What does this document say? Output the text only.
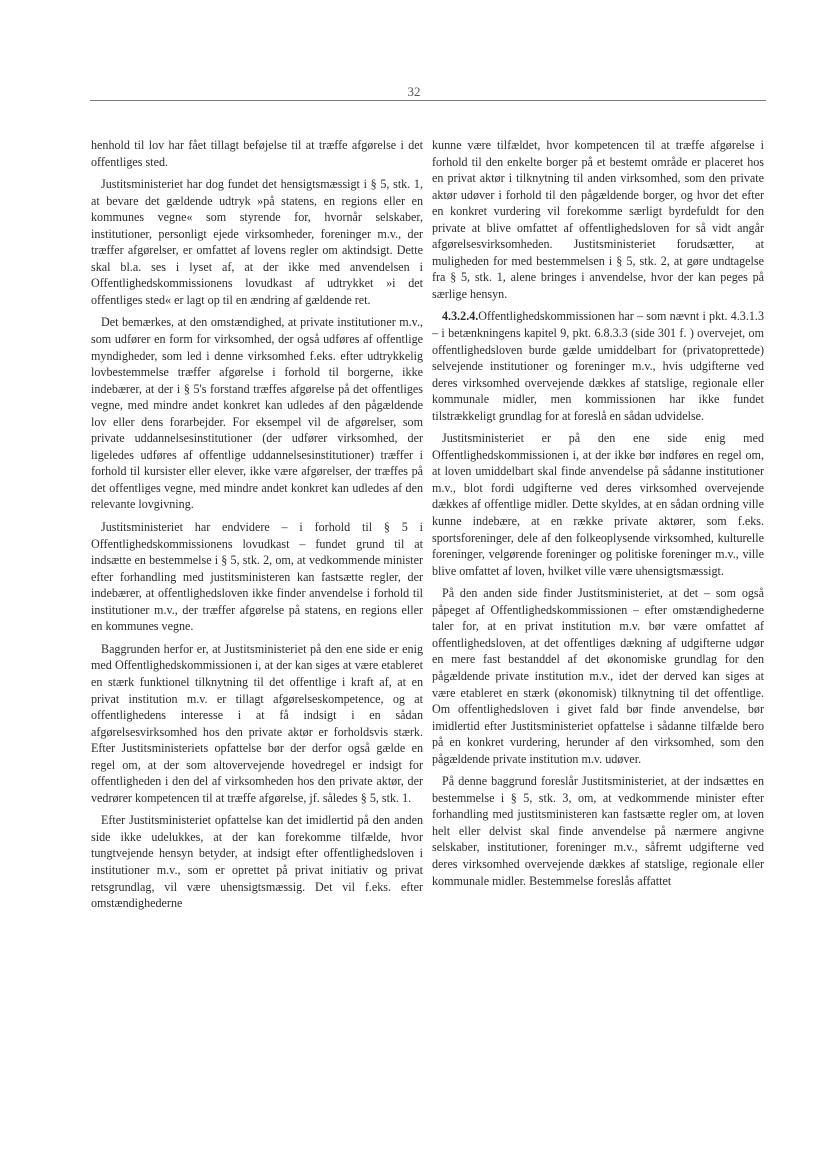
32

henhold til lov har fået tillagt beføjelse til at træffe afgørelse i det offentliges sted.

Justitsministeriet har dog fundet det hensigtsmæssigt i § 5, stk. 1, at bevare det gældende udtryk »på statens, en regions eller en kommunes vegne« som styrende for, hvornår selskaber, institutioner, personligt ejede virksomheder, foreninger m.v., der træffer afgørelser, er omfattet af lovens regler om aktindsigt. Dette skal bl.a. ses i lyset af, at der ikke med anvendelsen i Offentlighedskommissionens lovudkast af udtrykket »i det offentliges sted« er lagt op til en ændring af gældende ret.

Det bemærkes, at den omstændighed, at private institutioner m.v., som udfører en form for virksomhed, der også udføres af offentlige myndigheder, som led i denne virksomhed f.eks. efter udtrykkelig lovbestemmelse træffer afgørelse i forhold til borgerne, ikke indebærer, at der i § 5's forstand træffes afgørelse på det offentliges vegne, med mindre andet konkret kan udledes af den pågældende lov eller dens forarbejder. For eksempel vil de afgørelser, som private uddannelsesinstitutioner (der udfører virksomhed, der ligeledes udføres af offentlige uddannelsesinstitutioner) træffer i forhold til kursister eller elever, ikke være afgørelser, der træffes på det offentliges vegne, med mindre andet konkret kan udledes af den relevante lovgivning.

Justitsministeriet har endvidere – i forhold til § 5 i Offentlighedskommissionens lovudkast – fundet grund til at indsætte en bestemmelse i § 5, stk. 2, om, at vedkommende minister efter forhandling med justitsministeren kan fastsætte regler, der indebærer, at offentlighedsloven ikke finder anvendelse i forhold til institutioner m.v., der træffer afgørelse på statens, en regions eller en kommunes vegne.

Baggrunden herfor er, at Justitsministeriet på den ene side er enig med Offentlighedskommissionen i, at der kan siges at være etableret en stærk funktionel tilknytning til det offentlige i kraft af, at en privat institution m.v. er tillagt afgørelseskompetence, og at offentlighedens interesse i at få indsigt i en sådan afgørelsesvirksomhed hos den private aktør er forholdsvis stærk. Efter Justitsministeriets opfattelse bør der derfor også gælde en regel om, at der som altovervejende hovedregel er indsigt for offentligheden i den del af virksomheden hos den private aktør, der vedrører kompetencen til at træffe afgørelse, jf. således § 5, stk. 1.

Efter Justitsministeriet opfattelse kan det imidlertid på den anden side ikke udelukkes, at der kan forekomme tilfælde, hvor tungtvejende hensyn betyder, at indsigt efter offentlighedsloven i institutioner m.v., som er oprettet på privat initiativ og privat retsgrundlag, vil være uhensigtsmæssig. Det vil f.eks. efter omstændighederne

kunne være tilfældet, hvor kompetencen til at træffe afgørelse i forhold til den enkelte borger på et bestemt område er placeret hos en privat aktør i tilknytning til anden virksomhed, som den private aktør udøver i forhold til den pågældende borger, og hvor det efter en konkret vurdering vil forekomme særligt byrdefuldt for den private at blive omfattet af offentlighedsloven for så vidt angår afgørelsesvirksomheden. Justitsministeriet forudsætter, at muligheden for med bestemmelsen i § 5, stk. 2, at gøre undtagelse fra § 5, stk. 1, alene bringes i anvendelse, hvor der kan peges på særlige hensyn.

4.3.2.4.Offentlighedskommissionen har – som nævnt i pkt. 4.3.1.3 – i betænkningens kapitel 9, pkt. 6.8.3.3 (side 301 f. ) overvejet, om offentlighedsloven burde gælde umiddelbart for (privatoprettede) selvejende institutioner og foreninger m.v., hvis udgifterne ved deres virksomhed overvejende dækkes af statslige, regionale eller kommunale midler, men kommissionen har ikke fundet tilstrækkeligt grundlag for at foreslå en sådan udvidelse.

Justitsministeriet er på den ene side enig med Offentlighedskommissionen i, at der ikke bør indføres en regel om, at loven umiddelbart skal finde anvendelse på sådanne institutioner m.v., blot fordi udgifterne ved deres virksomhed overvejende dækkes af offentlige midler. Dette skyldes, at en sådan ordning ville kunne indebære, at en række private aktører, som f.eks. sportsforeninger, dele af den folkeoplysende virksomhed, kulturelle foreninger, velgørende foreninger og politiske foreninger m.v., ville blive omfattet af loven, hvilket ville være uhensigtsmæssigt.

På den anden side finder Justitsministeriet, at det – som også påpeget af Offentlighedskommissionen – efter omstændighederne taler for, at en privat institution m.v. bør være omfattet af offentlighedsloven, at det offentliges dækning af udgifterne udgør en mere fast bestanddel af det økonomiske grundlag for den pågældende private institution m.v., idet der derved kan siges at være etableret en stærk (økonomisk) tilknytning til det offentlige. Om offentlighedsloven i givet fald bør finde anvendelse, bør imidlertid efter Justitsministeriet opfattelse i sådanne tilfælde bero på en konkret vurdering, herunder af den virksomhed, som den pågældende private institution m.v. udøver.

På denne baggrund foreslår Justitsministeriet, at der indsættes en bestemmelse i § 5, stk. 3, om, at vedkommende minister efter forhandling med justitsministeren kan fastsætte regler om, at loven helt eller delvist skal finde anvendelse på nærmere angivne selskaber, institutioner, foreninger m.v., såfremt udgifterne ved deres virksomhed overvejende dækkes af statslige, regionale eller kommunale midler. Bestemmelse foreslås affattet
